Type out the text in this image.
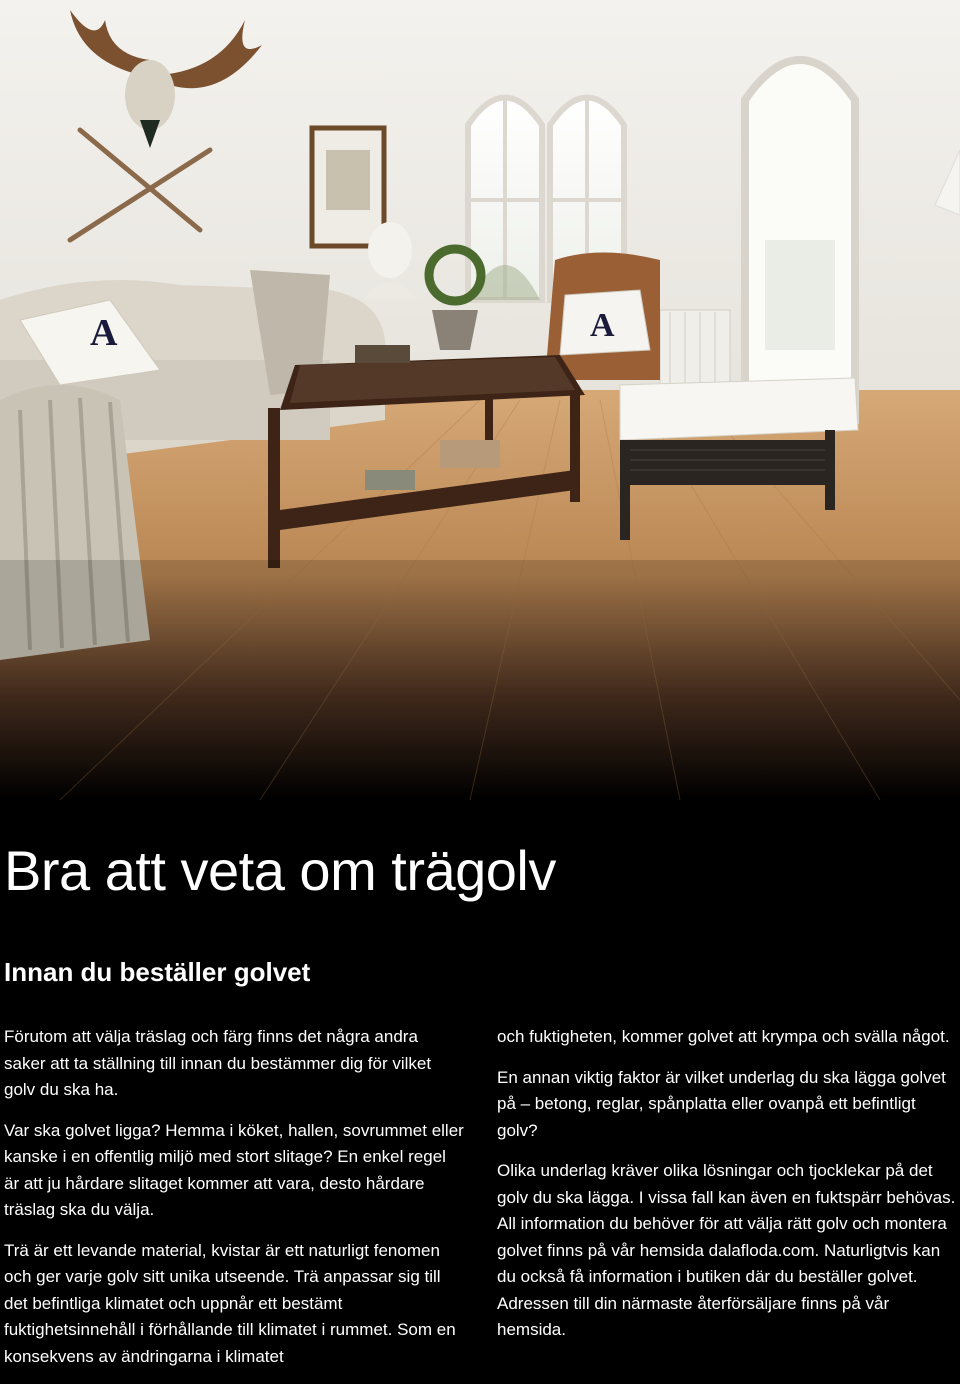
A	A
Bra att veta om trägolv
Innan du beställer golvet

Förutom att välja träslag och färg finns det några andra saker att ta ställning till innan du bestämmer dig för vilket golv du ska ha.

Var ska golvet ligga? Hemma i köket, hallen, sovrummet eller kanske i en offentlig miljö med stort slitage? En enkel regel är att ju hårdare slitaget kommer att vara, desto hårdare träslag ska du välja.

Trä är ett levande material, kvistar är ett naturligt fenomen och ger varje golv sitt unika utseende. Trä anpassar sig till det befintliga klimatet och uppnår ett bestämt fuktighetsinnehåll i förhållande till klimatet i rummet. Som en konsekvens av ändringarna i klimatet

och fuktigheten, kommer golvet att krympa och svälla något.

En annan viktig faktor är vilket underlag du ska lägga golvet på – betong, reglar, spånplatta eller ovanpå ett befintligt golv?

Olika underlag kräver olika lösningar och tjocklekar på det golv du ska lägga. I vissa fall kan även en fuktspärr behövas. All information du behöver för att välja rätt golv och montera golvet finns på vår hemsida dalafloda.com. Naturligtvis kan du också få information i butiken där du beställer golvet. Adressen till din närmaste återförsäljare finns på vår hemsida.
